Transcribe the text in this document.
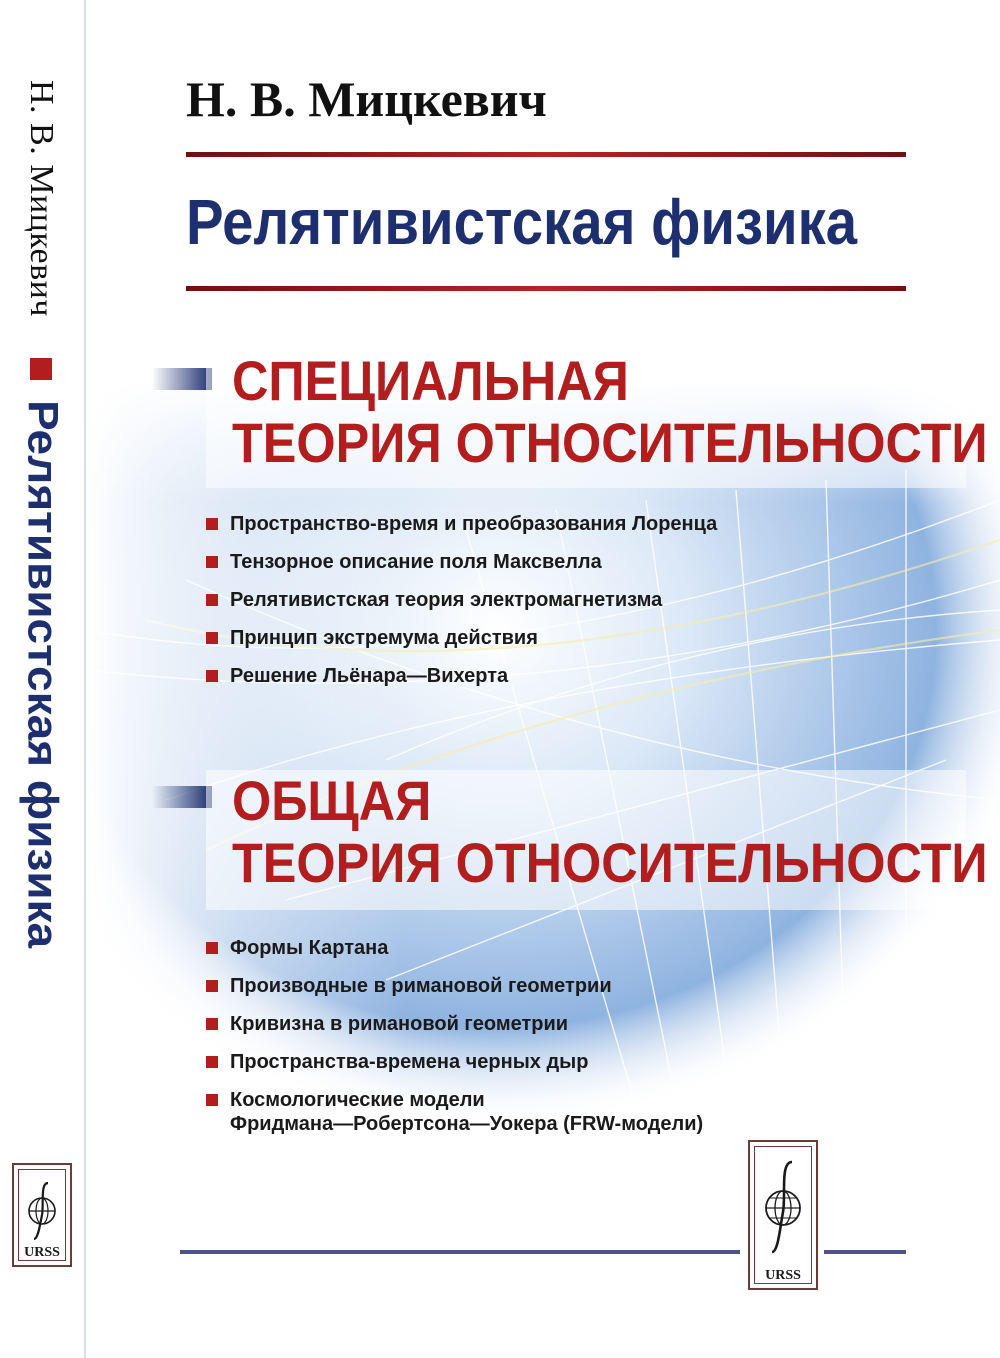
Н. В. Мицкевич
Релятивистская физика
URSS
Н. В. Мицкевич
Релятивистская физика
СПЕЦИАЛЬНАЯ
ТЕОРИЯ ОТНОСИТЕЛЬНОСТИ
Пространство-время и преобразования Лоренца
Тензорное описание поля Максвелла
Релятивистская теория электромагнетизма
Принцип экстремума действия
Решение Льёнара—Вихерта
ОБЩАЯ
ТЕОРИЯ ОТНОСИТЕЛЬНОСТИ
Формы Картана
Производные в римановой геометрии
Кривизна в римановой геометрии
Пространства-времена черных дыр
Космологические модели
Фридмана—Робертсона—Уокера (FRW-модели)
URSS
